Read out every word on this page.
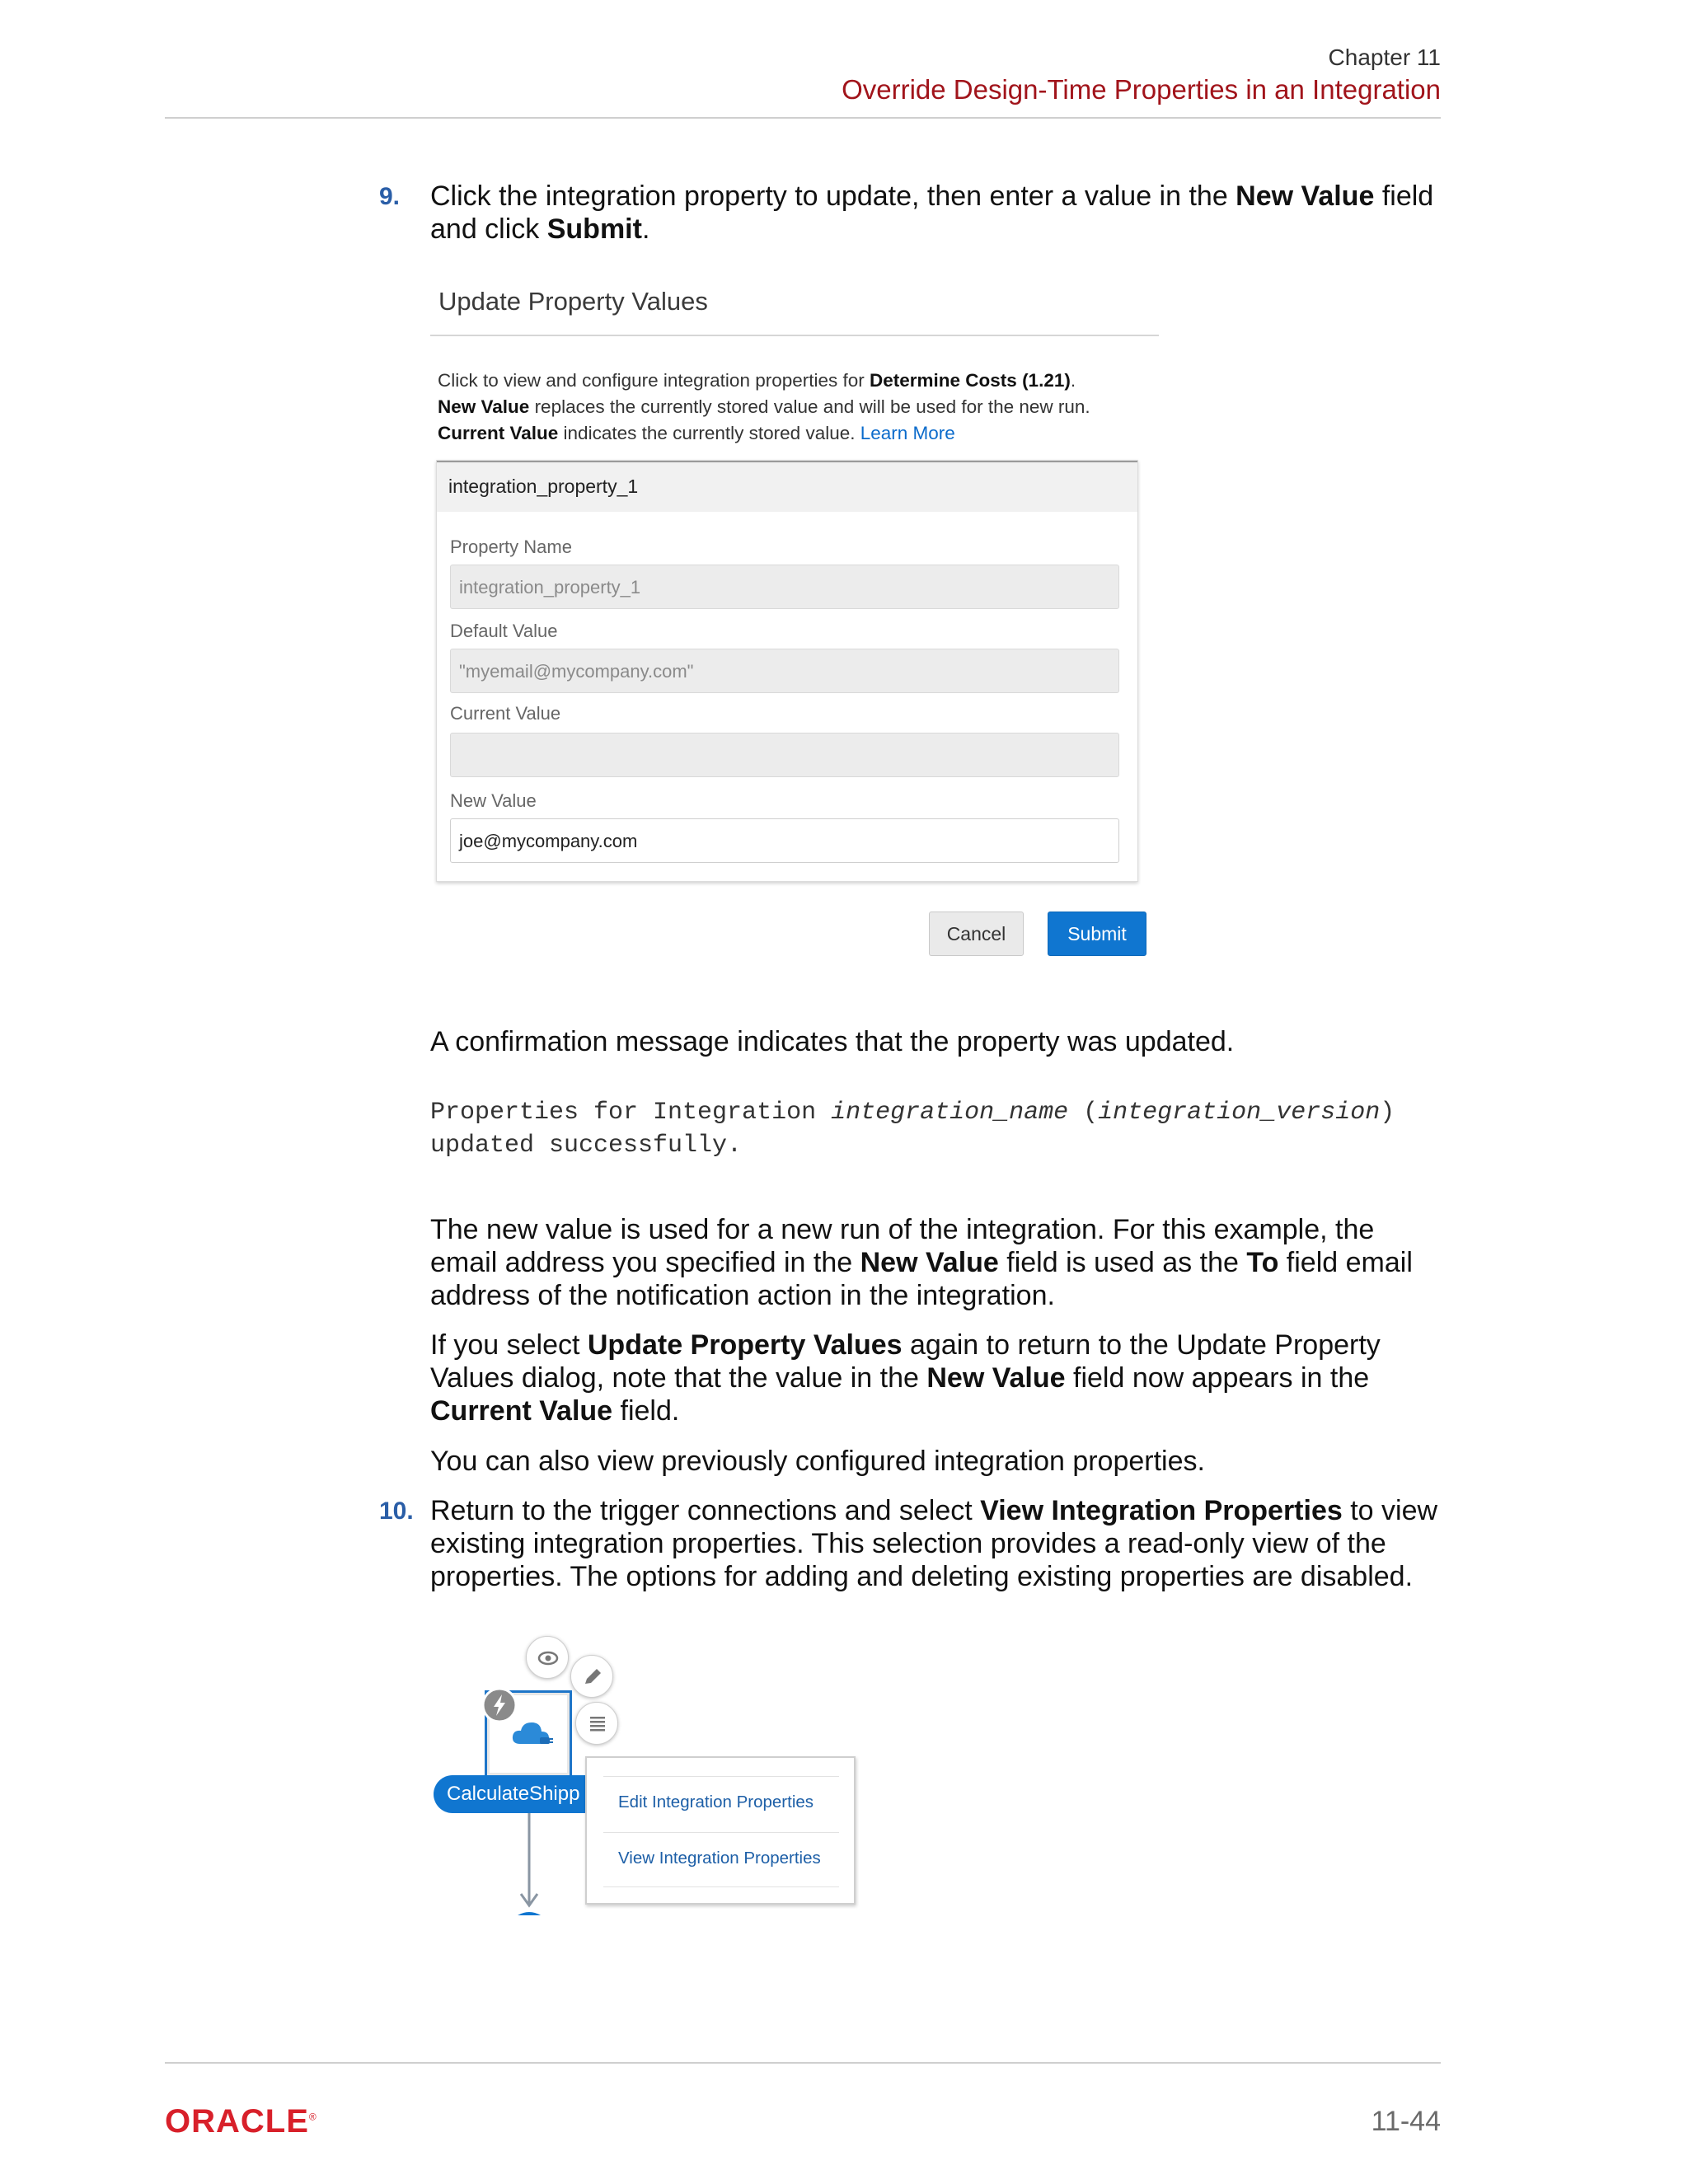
Chapter 11
Override Design-Time Properties in an Integration
9. Click the integration property to update, then enter a value in the New Value field and click Submit.
Update Property Values
Click to view and configure integration properties for Determine Costs (1.21).
New Value replaces the currently stored value and will be used for the new run.
Current Value indicates the currently stored value. Learn More
integration_property_1
Property Name
integration_property_1
Default Value
"myemail@mycompany.com"
Current Value
New Value
joe@mycompany.com
Cancel	Submit
A confirmation message indicates that the property was updated.
Properties for Integration integration_name (integration_version)
updated successfully.
The new value is used for a new run of the integration. For this example, the email address you specified in the New Value field is used as the To field email address of the notification action in the integration.
If you select Update Property Values again to return to the Update Property Values dialog, note that the value in the New Value field now appears in the Current Value field.
You can also view previously configured integration properties.
10. Return to the trigger connections and select View Integration Properties to view existing integration properties. This selection provides a read-only view of the properties. The options for adding and deleting existing properties are disabled.
CalculateShipp Edit Integration Properties
View Integration Properties
ORACLE®	11-44
